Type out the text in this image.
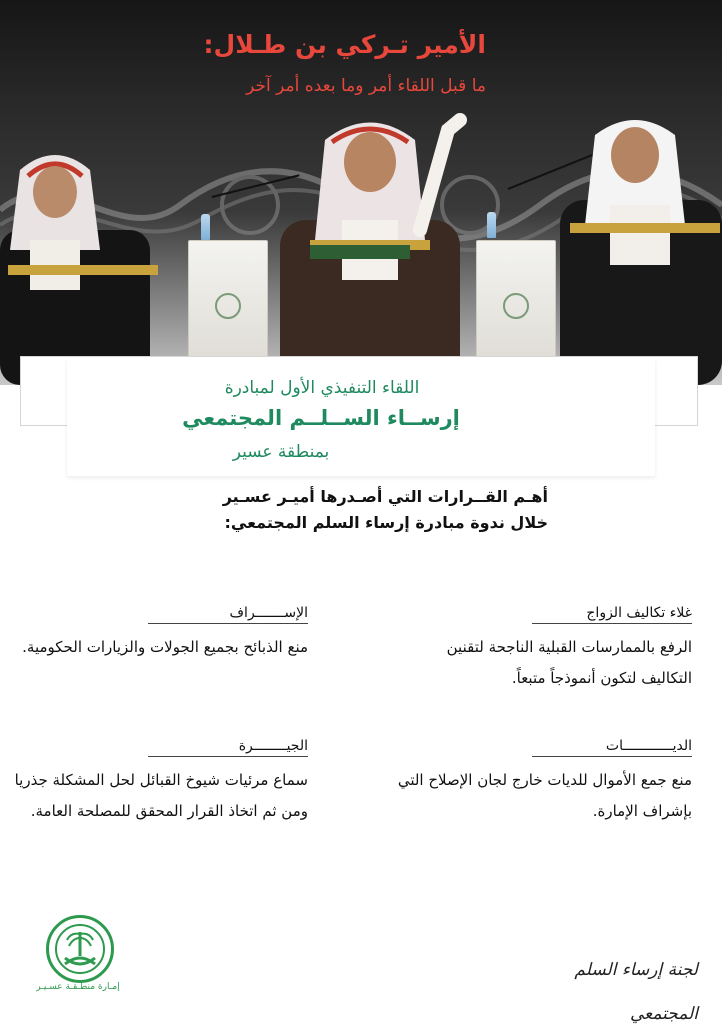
الأمير تـركي بن طـلال:

ما قبل اللقاء أمر وما بعده أمر آخر

اللقاء التنفيذي الأول لمبادرة

إرســاء الســلــم المجتمعي

بمنطقة عسير

أهـم القــرارات التي أصـدرها أميـر عسـير
خلال ندوة مبادرة إرساء السلم المجتمعي:

غلاء تكاليف الزواج

الرفع بالممارسات القبلية الناجحة لتقنين التكاليف لتكون أنموذجاً متبعاً.

الإســـــــراف

منع الذبائح بجميع الجولات والزيارات الحكومية.

الديــــــــــــات

منع جمع الأموال للديات خارج لجان الإصلاح التي بإشراف الإمارة.

الجيــــــــرة

سماع مرئيات شيوخ القبائل لحل المشكلة جذريا ومن ثم اتخاذ القرار المحقق للمصلحة العامة.

إمـارة منطـقـة عسـيـر

لجنة إرساء السلم المجتمعي
